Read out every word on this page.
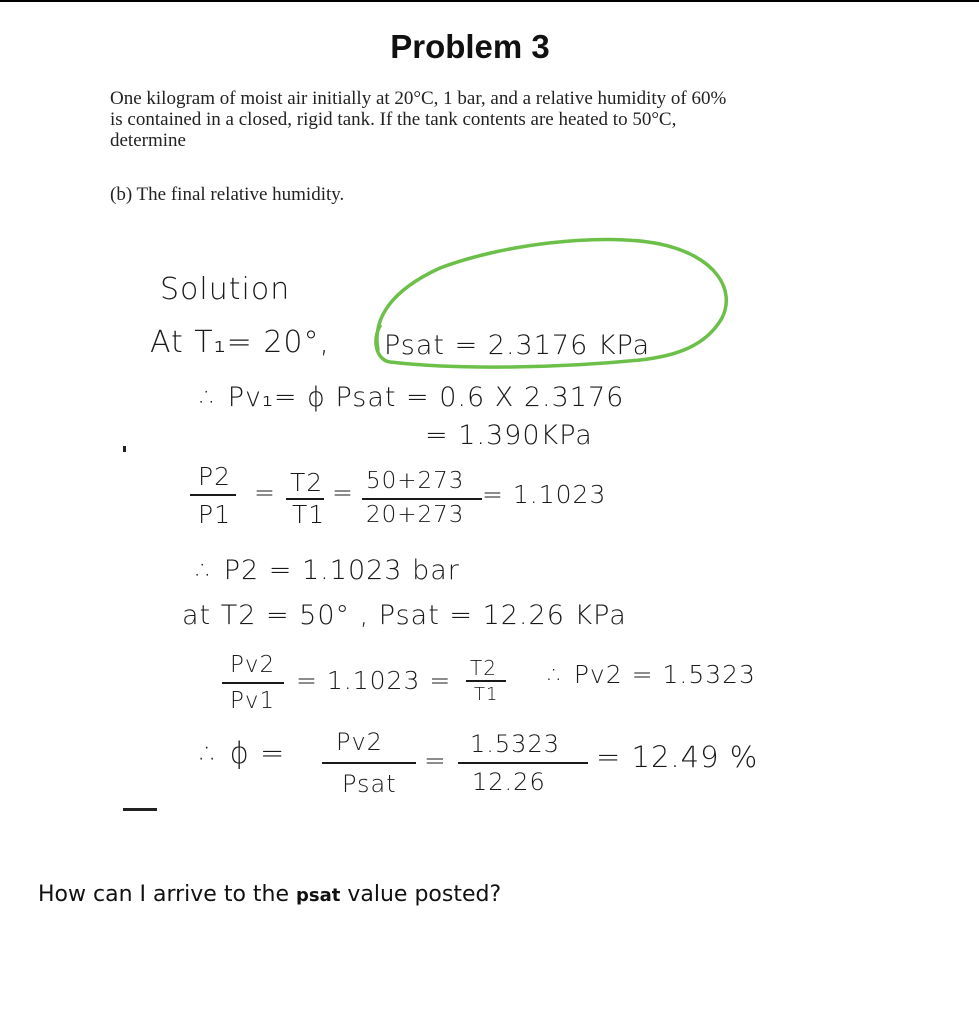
Problem 3
One kilogram of moist air initially at 20°C, 1 bar, and a relative humidity of 60%
is contained in a closed, rigid tank. If the tank contents are heated to 50°C,
determine
(b) The final relative humidity.
Solution
At T₁= 20°, Psat = 2.3176 KPa
∴ Pv₁= ϕ Psat = 0.6 X 2.3176
= 1.390KPa
P2
P1
= T2
T1
= 50+273
20+273
= 1.1023
∴ P2 = 1.1023 bar
at T2 = 50° , Psat = 12.26 KPa
Pv2
Pv1
= 1.1023 = T2
T1
∴ Pv2 = 1.5323
∴ ϕ = Pv2
Psat
=
1.5323
12.26
= 12.49 %
How can I arrive to the psat value posted?
